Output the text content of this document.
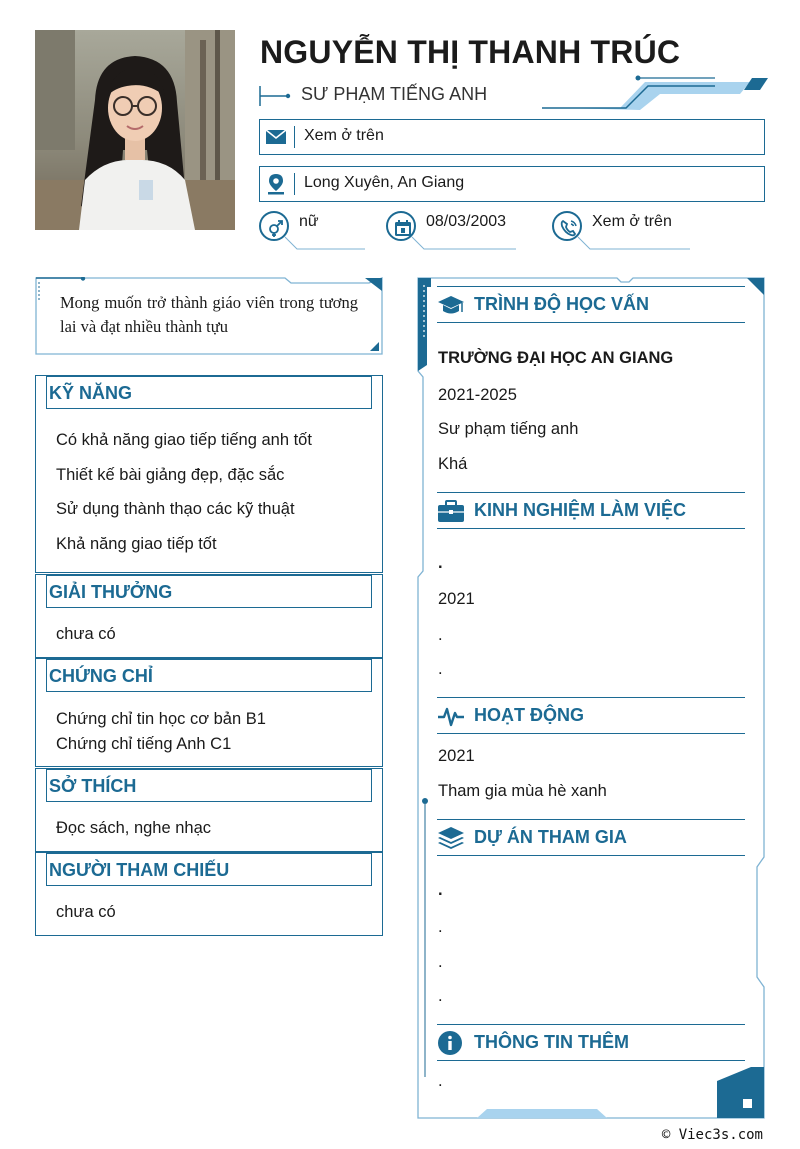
NGUYỄN THỊ THANH TRÚC
SƯ PHẠM TIẾNG ANH
Xem ở trên
Long Xuyên, An Giang
nữ	08/03/2003	Xem ở trên
Mong muốn trở thành giáo viên trong tương lai và đạt nhiều thành tựu
KỸ NĂNG
Có khả năng giao tiếp tiếng anh tốt
Thiết kế bài giảng đẹp, đặc sắc
Sử dụng thành thạo các kỹ thuật
Khả năng giao tiếp tốt
GIẢI THƯỞNG
chưa có
CHỨNG CHỈ
Chứng chỉ tin học cơ bản B1
Chứng chỉ tiếng Anh C1
SỞ THÍCH
Đọc sách, nghe nhạc
NGƯỜI THAM CHIẾU
chưa có
TRÌNH ĐỘ HỌC VẤN
TRƯỜNG ĐẠI HỌC AN GIANG
2021-2025
Sư phạm tiếng anh
Khá
KINH NGHIỆM LÀM VIỆC
.
2021
.
.
HOẠT ĐỘNG
2021
Tham gia mùa hè xanh
DỰ ÁN THAM GIA
.
.
.
.
THÔNG TIN THÊM
.
© Viec3s.com
